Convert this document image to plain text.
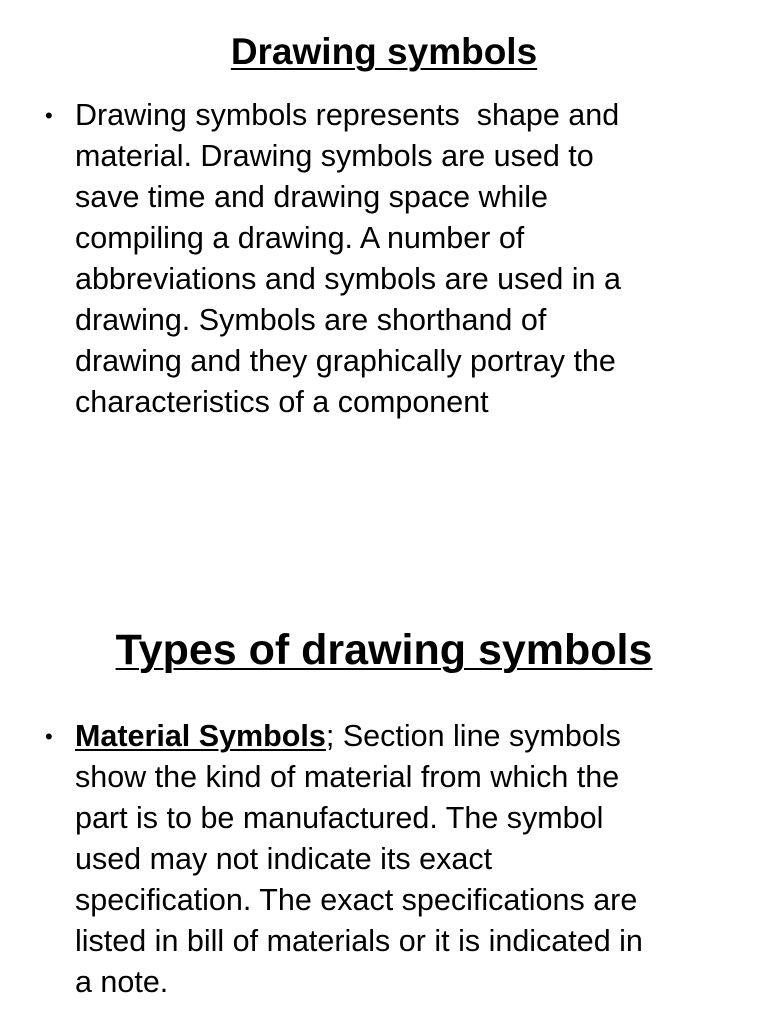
Drawing symbols
• Drawing symbols represents  shape and
material. Drawing symbols are used to
save time and drawing space while
compiling a drawing. A number of
abbreviations and symbols are used in a
drawing. Symbols are shorthand of
drawing and they graphically portray the
characteristics of a component

Types of drawing symbols
• Material Symbols; Section line symbols
show the kind of material from which the
part is to be manufactured. The symbol
used may not indicate its exact
specification. The exact specifications are
listed in bill of materials or it is indicated in
a note.
